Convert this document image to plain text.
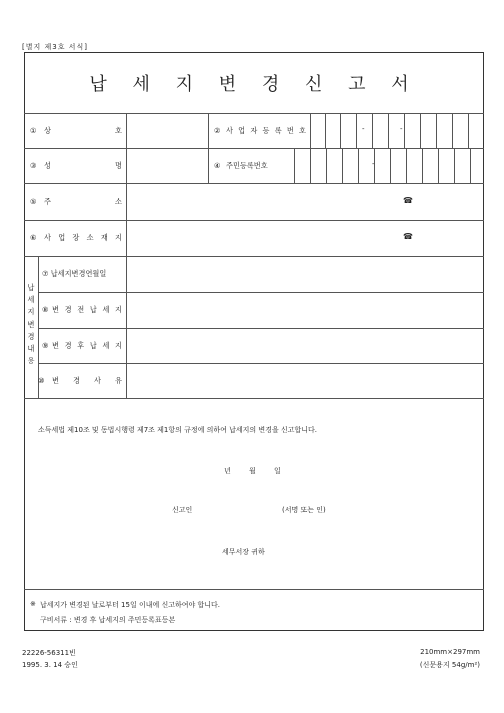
[별지 제3호 서식]
납 세 지 변 경 신 고 서
① 상	호	② 사 업 자 등 록 번 호	-	-
③ 성	명	④ 주민등록번호	-
⑤ 주	소	☎
⑥ 사 업 장 소 재 지	☎
납
세
지
변
경
내
용
⑦ 납세지변경연월일
⑧ 변 경 전 납 세 지
⑨ 변 경 후 납 세 지
⑩ 변 경 사 유
소득세법 제10조 및 동법시행령 제7조 제1항의 규정에 의하여 납세지의 변경을 신고합니다.
년	월	일
신고인	(서명 또는 인)
세무서장 귀하
※ 납세지가 변경된 날로부터 15일 이내에 신고하여야 합니다.
구비서류 : 변경 후 납세지의 주민등록표등본
22226-56311빈
1995. 3. 14 승인
210mm×297mm
(신문용지 54g/m²)
